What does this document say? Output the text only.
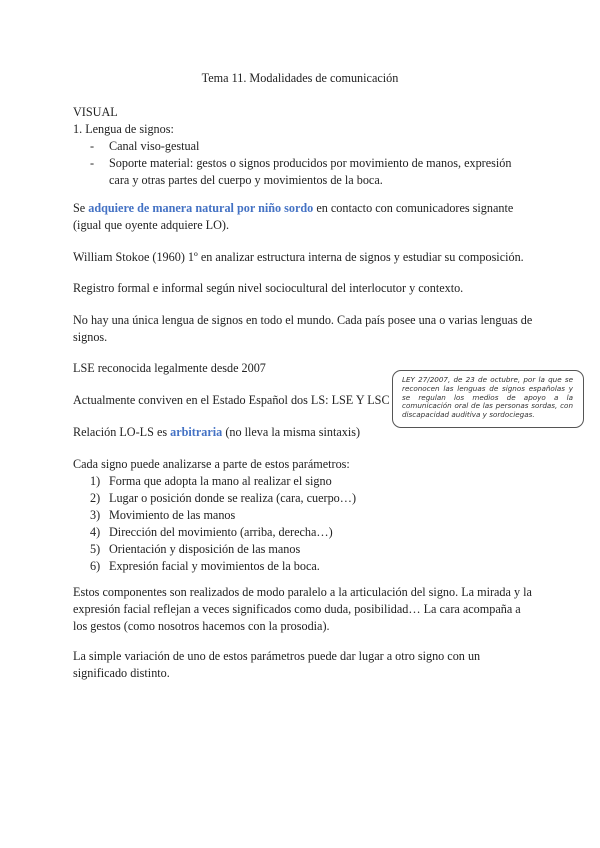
Tema 11. Modalidades de comunicación
VISUAL
1. Lengua de signos:
- Canal viso-gestual
- Soporte material: gestos o signos producidos por movimiento de manos, expresión cara y otras partes del cuerpo y movimientos de la boca.
Se adquiere de manera natural por niño sordo en contacto con comunicadores signante (igual que oyente adquiere LO).
William Stokoe (1960) 1º en analizar estructura interna de signos y estudiar su composición.
Registro formal e informal según nivel sociocultural del interlocutor y contexto.
No hay una única lengua de signos en todo el mundo. Cada país posee una o varias lenguas de signos.
LSE reconocida legalmente desde 2007
Actualmente conviven en el Estado Español dos LS: LSE Y LSC
LEY 27/2007, de 23 de octubre, por la que se reconocen las lenguas de signos españolas y se regulan los medios de apoyo a la comunicación oral de las personas sordas, con discapacidad auditiva y sordociegas.
Relación LO-LS es arbitraria (no lleva la misma sintaxis)
Cada signo puede analizarse a parte de estos parámetros:
1) Forma que adopta la mano al realizar el signo
2) Lugar o posición donde se realiza (cara, cuerpo…)
3) Movimiento de las manos
4) Dirección del movimiento (arriba, derecha…)
5) Orientación y disposición de las manos
6) Expresión facial y movimientos de la boca.
Estos componentes son realizados de modo paralelo a la articulación del signo. La mirada y la expresión facial reflejan a veces significados como duda, posibilidad… La cara acompaña a los gestos (como nosotros hacemos con la prosodia).
La simple variación de uno de estos parámetros puede dar lugar a otro signo con un significado distinto.
